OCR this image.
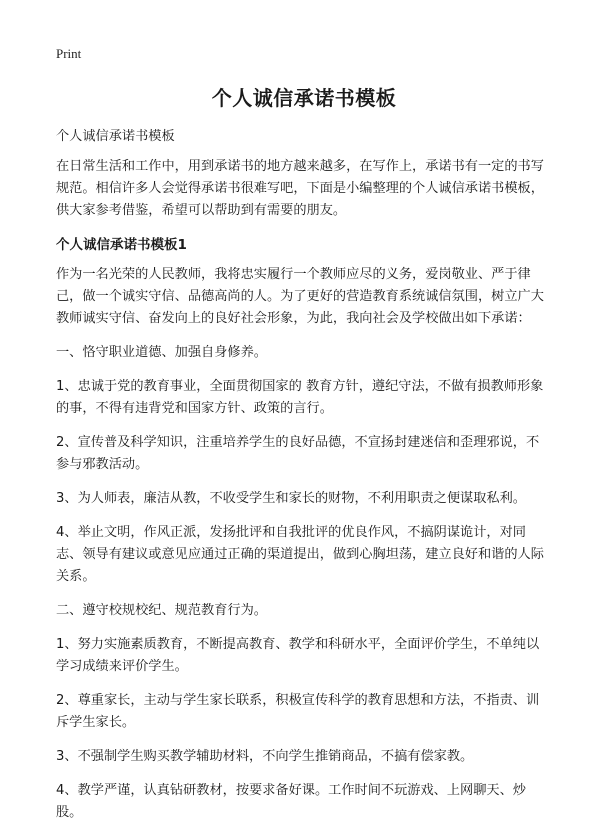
Print
个人诚信承诺书模板

个人诚信承诺书模板

在日常生活和工作中，用到承诺书的地方越来越多，在写作上，承诺书有一定的书写规范。相信许多人会觉得承诺书很难写吧，下面是小编整理的个人诚信承诺书模板，供大家参考借鉴，希望可以帮助到有需要的朋友。

个人诚信承诺书模板1

作为一名光荣的人民教师，我将忠实履行一个教师应尽的义务，爱岗敬业、严于律己，做一个诚实守信、品德高尚的人。为了更好的营造教育系统诚信氛围，树立广大教师诚实守信、奋发向上的良好社会形象，为此，我向社会及学校做出如下承诺：

一、恪守职业道德、加强自身修养。

1、忠诚于党的教育事业，全面贯彻国家的 教育方针，遵纪守法，不做有损教师形象的事，不得有违背党和国家方针、政策的言行。

2、宣传普及科学知识，注重培养学生的良好品德，不宣扬封建迷信和歪理邪说，不参与邪教活动。

3、为人师表，廉洁从教，不收受学生和家长的财物，不利用职责之便谋取私利。

4、举止文明，作风正派，发扬批评和自我批评的优良作风，不搞阴谋诡计，对同志、领导有建议或意见应通过正确的渠道提出，做到心胸坦荡，建立良好和谐的人际关系。

二、遵守校规校纪、规范教育行为。

1、努力实施素质教育，不断提高教育、教学和科研水平，全面评价学生，不单纯以学习成绩来评价学生。

2、尊重家长，主动与学生家长联系，积极宣传科学的教育思想和方法，不指责、训斥学生家长。

3、不强制学生购买教学辅助材料，不向学生推销商品，不搞有偿家教。

4、教学严谨，认真钻研教材，按要求备好课。工作时间不玩游戏、上网聊天、炒股。
